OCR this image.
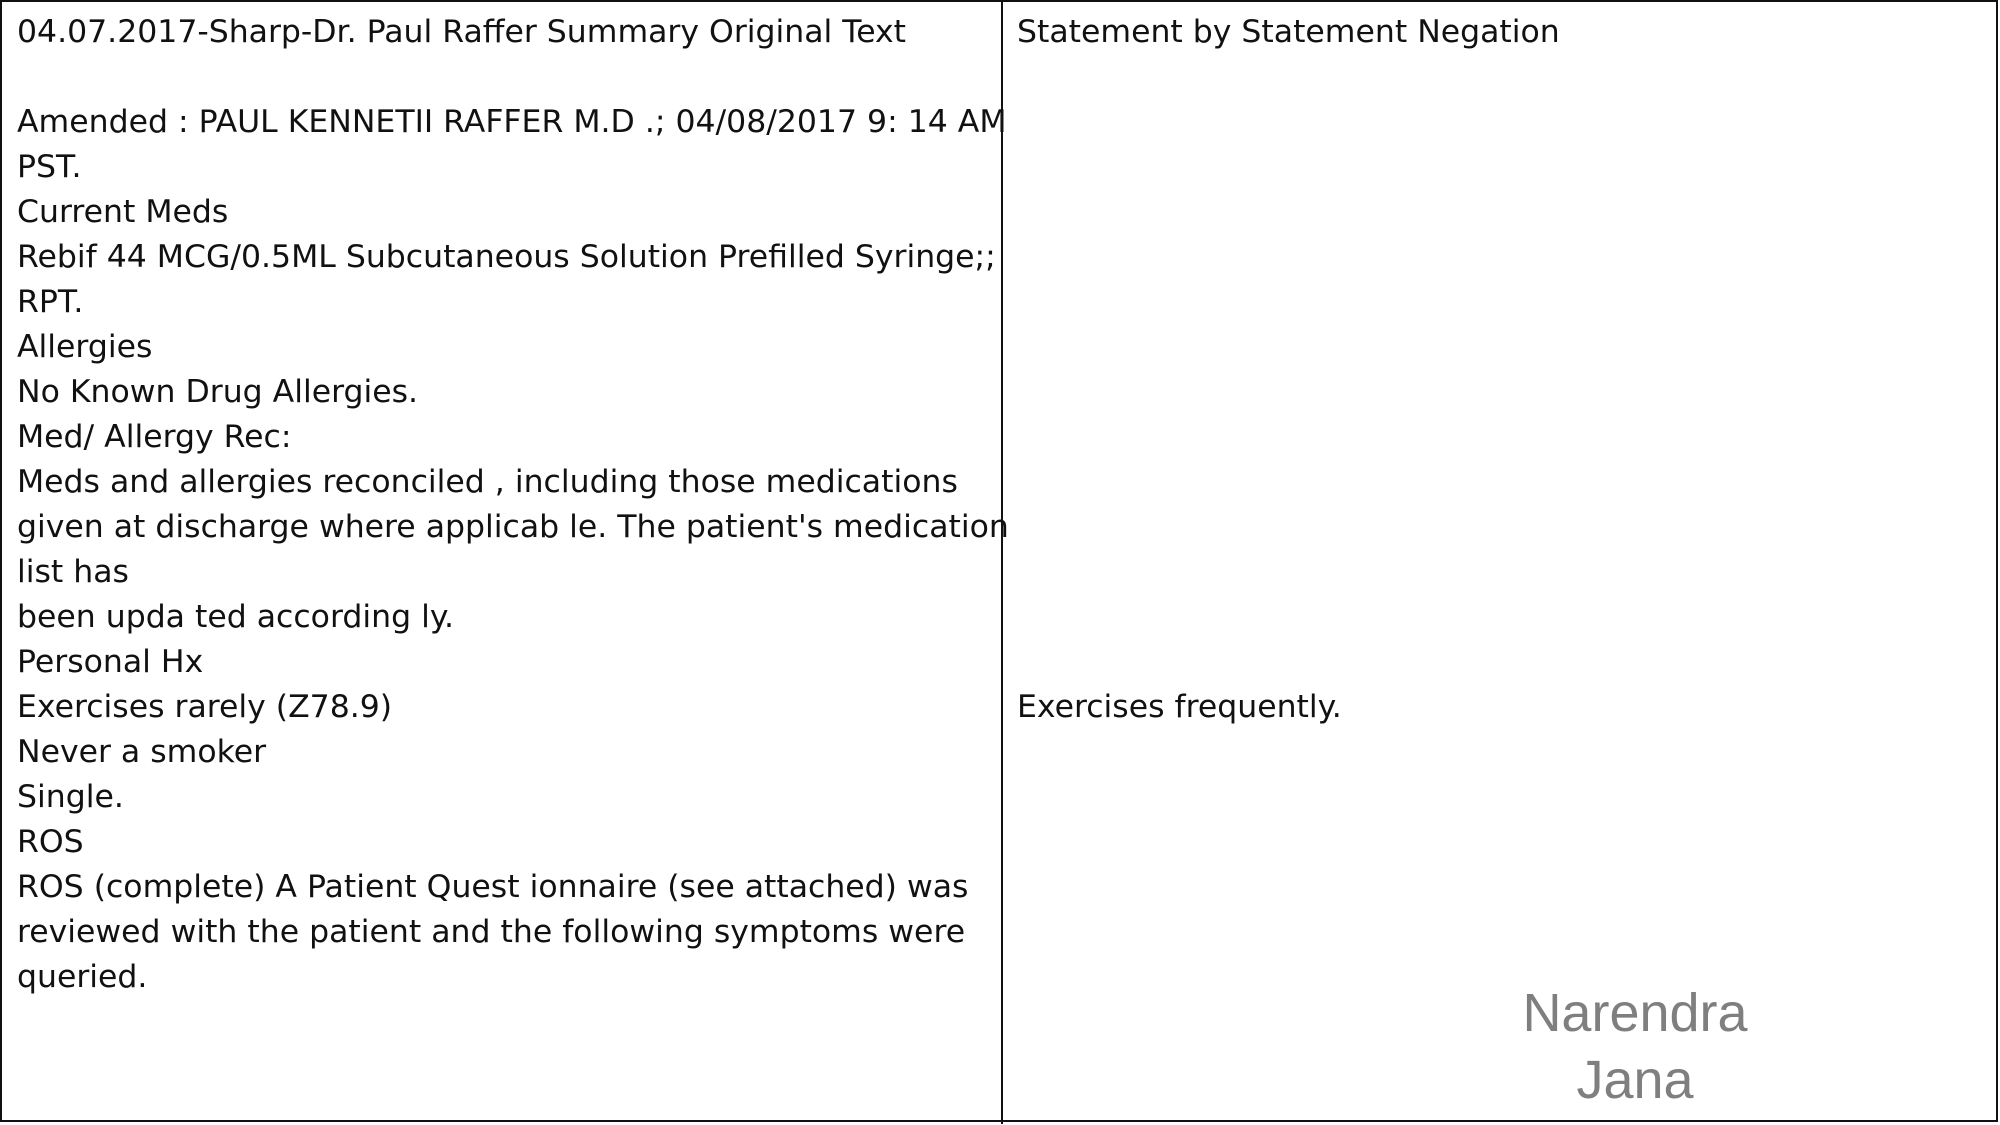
04.07.2017-Sharp-Dr. Paul Raffer Summary Original Text
Amended : PAUL KENNETII RAFFER M.D .; 04/08/2017 9: 14 AM
PST.
Current Meds
Rebif 44 MCG/0.5ML Subcutaneous Solution Prefilled Syringe;;
RPT.
Allergies
No Known Drug Allergies.
Med/ Allergy Rec:
Meds and allergies reconciled , including those medications
given at discharge where applicab le. The patient's medication
list has
been upda ted according ly.
Personal Hx
Exercises rarely (Z78.9)
Never a smoker
Single.
ROS
ROS (complete) A Patient Quest ionnaire (see attached) was
reviewed with the patient and the following symptoms were
queried.
Statement by Statement Negation
Exercises frequently.
Narendra
Jana
